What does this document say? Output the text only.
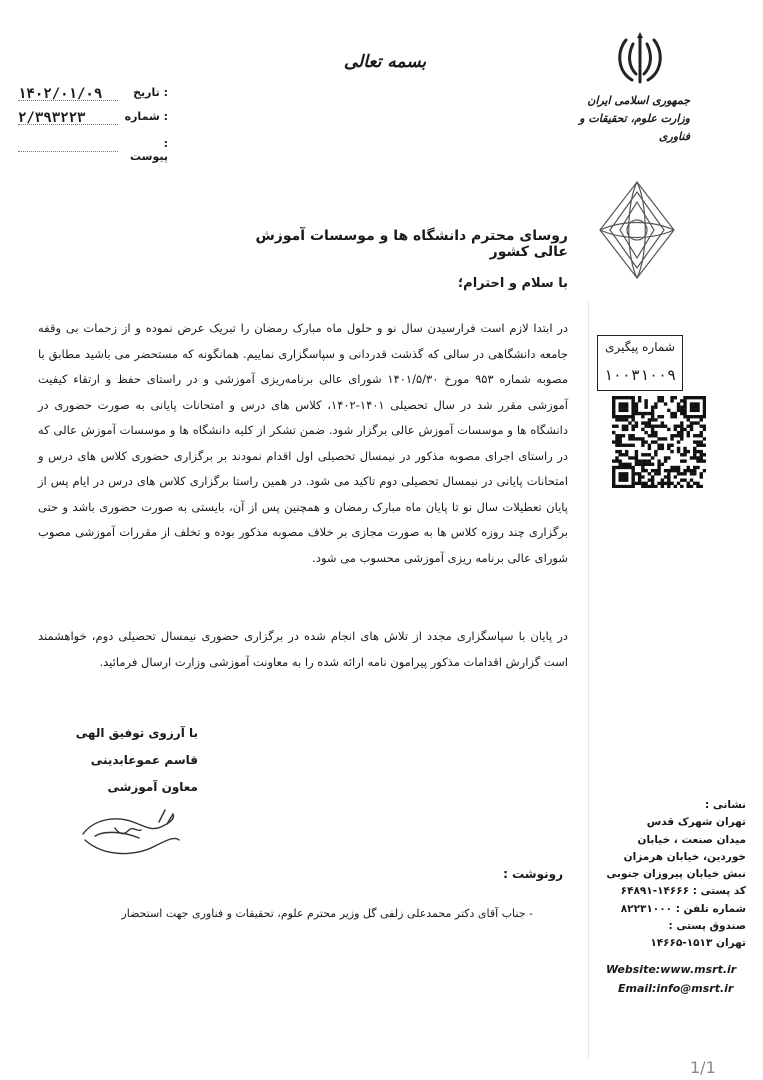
بسمه تعالی
جمهوری اسلامی ایران
وزارت علوم، تحقیقات و فناوری
: تاریخ
۱۴۰۲/۰۱/۰۹
: شماره
۲/۳۹۳۲۲۳
: پیوست
شماره پیگیری
۱۰۰۳۱۰۰۹
روسای محترم دانشگاه ها و موسسات آموزش عالی کشور
با سلام و احترام؛
در ابتدا لازم است فرارسیدن سال نو و حلول ماه مبارک رمضان را تبریک عرض نموده و از زحمات بی وقفه جامعه دانشگاهی در سالی که گذشت قدردانی و سپاسگزاری نماییم. همانگونه که مستحضر می باشید مطابق با مصوبه شماره ۹۵۳ مورخ ۱۴۰۱/۵/۳۰ شورای عالی برنامه‌ریزی آموزشی و در راستای حفظ و ارتقاء کیفیت آموزشی مقرر شد در سال تحصیلی ۱۴۰۱-۱۴۰۲، کلاس های درس و امتحانات پایانی به صورت حضوری در دانشگاه ها و موسسات آموزش عالی برگزار شود. ضمن تشکر از کلیه دانشگاه ها و موسسات آموزش عالی که در راستای اجرای مصوبه مذکور در نیمسال تحصیلی اول اقدام نمودند بر برگزاری حضوری کلاس های درس و امتحانات پایانی در نیمسال تحصیلی دوم تاکید می شود. در همین راستا برگزاری کلاس های درس در ایام پس از پایان تعطیلات سال نو تا پایان ماه مبارک رمضان و همچنین پس از آن، بایستی به صورت حضوری باشد و حتی برگزاری چند روزه کلاس ها به صورت مجازی بر خلاف مصوبه مذکور بوده و تخلف از مقررات آموزشی مصوب شورای عالی برنامه ریزی آموزشی محسوب می شود.
در پایان با سپاسگزاری مجدد از تلاش های انجام شده در برگزاری حضوری نیمسال تحصیلی دوم، خواهشمند است گزارش اقدامات مذکور پیرامون نامه ارائه شده را به معاونت آموزشی وزارت ارسال فرمائید.
با آرزوی توفیق الهی
قاسم عموعابدینی
معاون آموزشی
رونوشت :
- جناب آقای دکتر محمدعلی زلفی گل وزیر محترم علوم، تحقیقات و فناوری جهت استحضار
نشانی :
تهران شهرک قدس
میدان صنعت ، خیابان
خوردین، خیابان هرمزان
نبش خیابان پیروزان جنوبی
کد پستی : ۱۴۶۶۶-۶۴۸۹۱
شماره تلفن : ۸۲۲۳۱۰۰۰
صندوق پستی :
تهران ۱۵۱۳-۱۴۶۶۵
Website:www.msrt.ir
Email:info@msrt.ir
1/1
